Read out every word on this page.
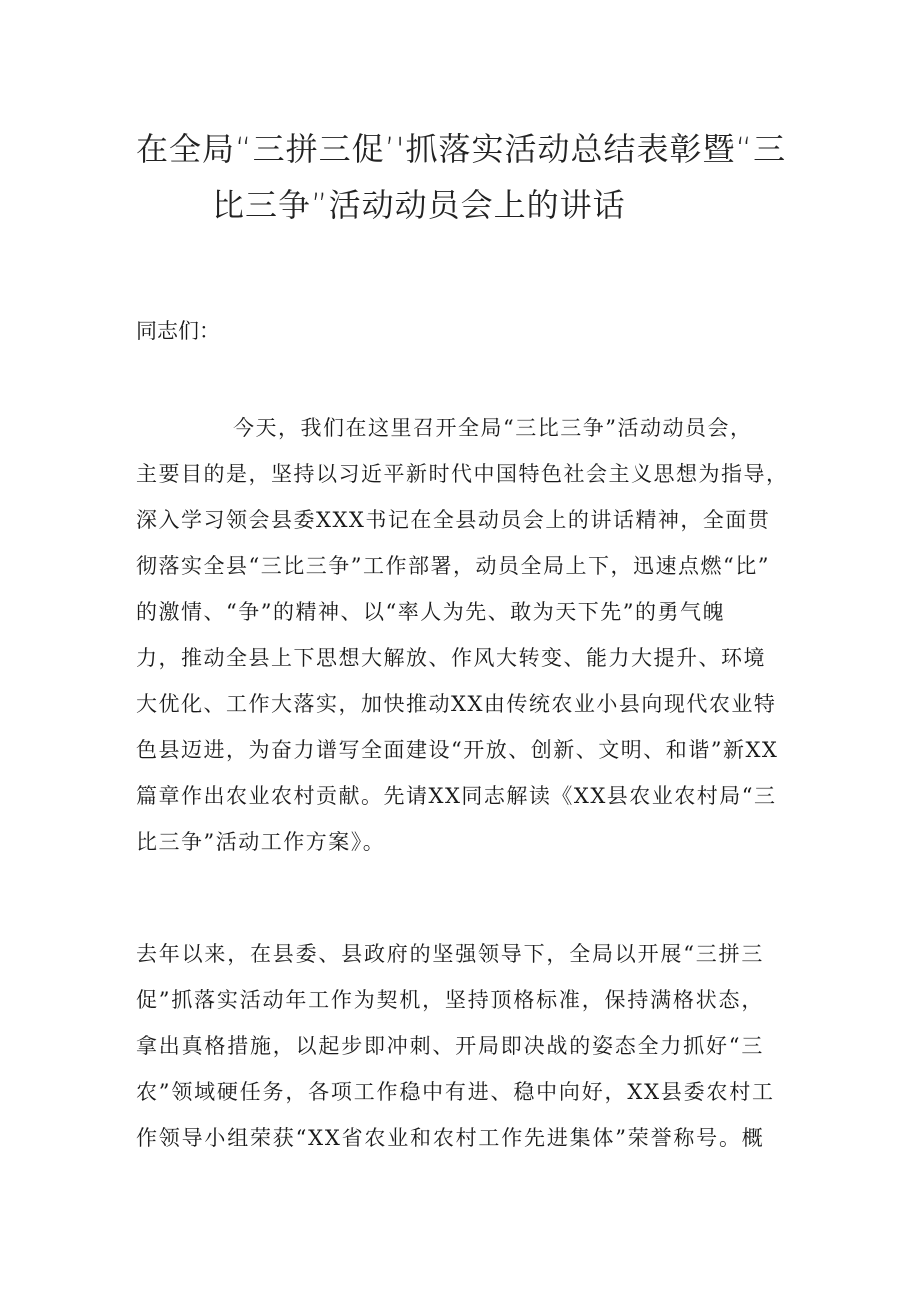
在全局“三拼三促’'抓落实活动总结表彰暨“三
比三争”活动动员会上的讲话
同志们：
今天，我们在这里召开全局“三比三争”活动动员会，
主要目的是，坚持以习近平新时代中国特色社会主义思想为指导，
深入学习领会县委XXX书记在全县动员会上的讲话精神，全面贯
彻落实全县“三比三争”工作部署，动员全局上下，迅速点燃“比”
的激情、“争”的精神、以“率人为先、敢为天下先”的勇气魄
力，推动全县上下思想大解放、作风大转变、能力大提升、环境
大优化、工作大落实，加快推动XX由传统农业小县向现代农业特
色县迈进，为奋力谱写全面建设“开放、创新、文明、和谐”新XX
篇章作出农业农村贡献。先请XX同志解读《XX县农业农村局“三
比三争”活动工作方案》。
去年以来，在县委、县政府的坚强领导下，全局以开展“三拼三
促”抓落实活动年工作为契机，坚持顶格标准，保持满格状态，
拿出真格措施，以起步即冲刺、开局即决战的姿态全力抓好“三
农”领域硬任务，各项工作稳中有进、稳中向好，XX县委农村工
作领导小组荣获“XX省农业和农村工作先进集体”荣誉称号。概
